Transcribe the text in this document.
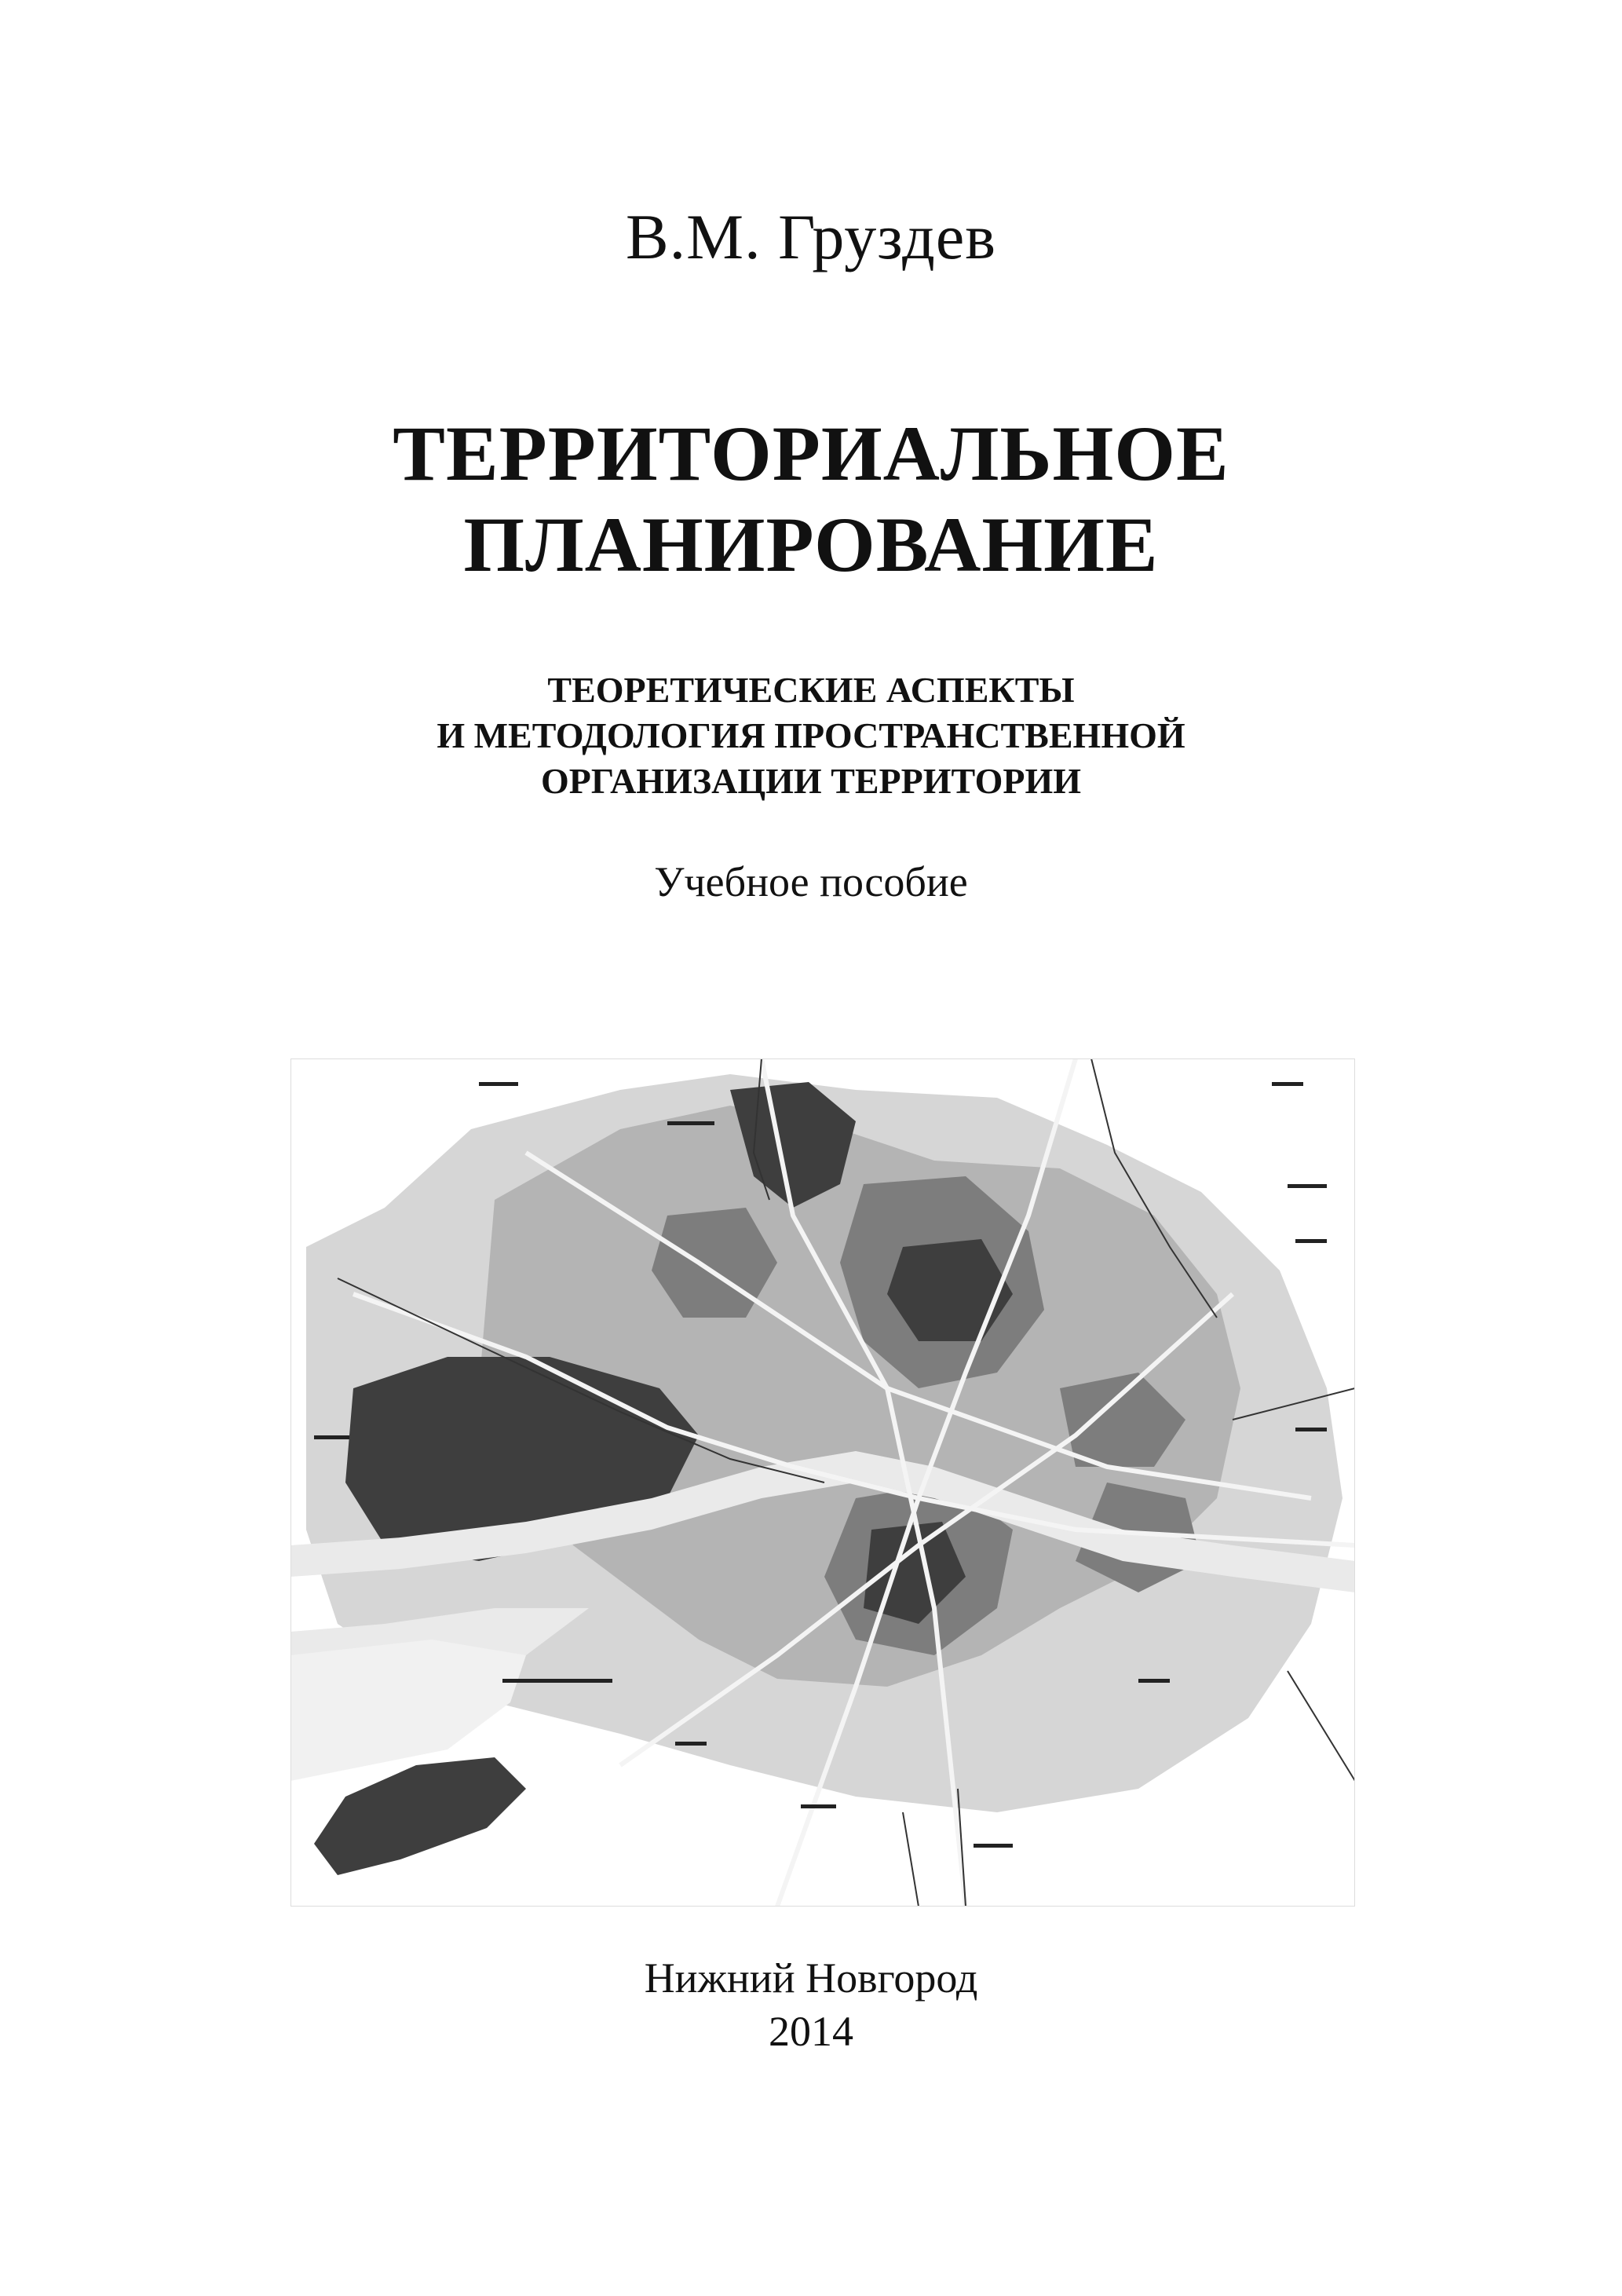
В.М. Груздев
ТЕРРИТОРИАЛЬНОЕ
ПЛАНИРОВАНИЕ
ТЕОРЕТИЧЕСКИЕ АСПЕКТЫ
И МЕТОДОЛОГИЯ ПРОСТРАНСТВЕННОЙ
ОРГАНИЗАЦИИ ТЕРРИТОРИИ
Учебное пособие
Нижний Новгород
2014
